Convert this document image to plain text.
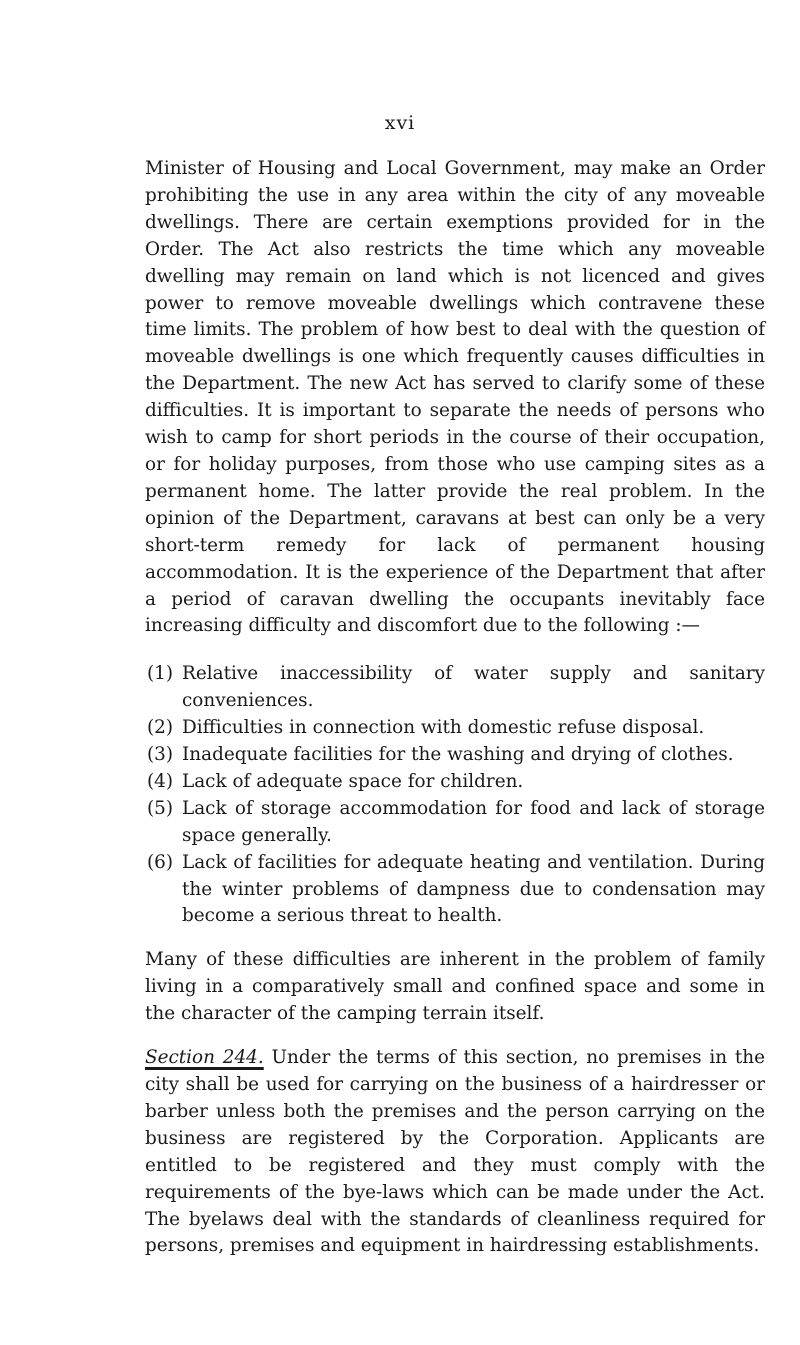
xvi

Minister of Housing and Local Government, may make an Order prohibiting the use in any area within the city of any moveable dwellings. There are certain exemptions provided for in the Order. The Act also restricts the time which any moveable dwelling may remain on land which is not licenced and gives power to remove moveable dwellings which contravene these time limits. The problem of how best to deal with the question of moveable dwellings is one which frequently causes difficulties in the Department. The new Act has served to clarify some of these difficulties. It is important to separate the needs of persons who wish to camp for short periods in the course of their occupation, or for holiday purposes, from those who use camping sites as a permanent home. The latter provide the real problem. In the opinion of the Department, caravans at best can only be a very short-term remedy for lack of permanent housing accommodation. It is the experience of the Department that after a period of caravan dwelling the occupants inevitably face increasing difficulty and discomfort due to the following :—

(1) Relative inaccessibility of water supply and sanitary conveniences.
(2) Difficulties in connection with domestic refuse disposal.
(3) Inadequate facilities for the washing and drying of clothes.
(4) Lack of adequate space for children.
(5) Lack of storage accommodation for food and lack of storage space generally.
(6) Lack of facilities for adequate heating and ventilation. During the winter problems of dampness due to condensation may become a serious threat to health.

Many of these difficulties are inherent in the problem of family living in a comparatively small and confined space and some in the character of the camping terrain itself.

Section 244. Under the terms of this section, no premises in the city shall be used for carrying on the business of a hairdresser or barber unless both the premises and the person carrying on the business are registered by the Corporation. Applicants are entitled to be registered and they must comply with the requirements of the bye-laws which can be made under the Act. The byelaws deal with the standards of cleanliness required for persons, premises and equipment in hairdressing establishments.
